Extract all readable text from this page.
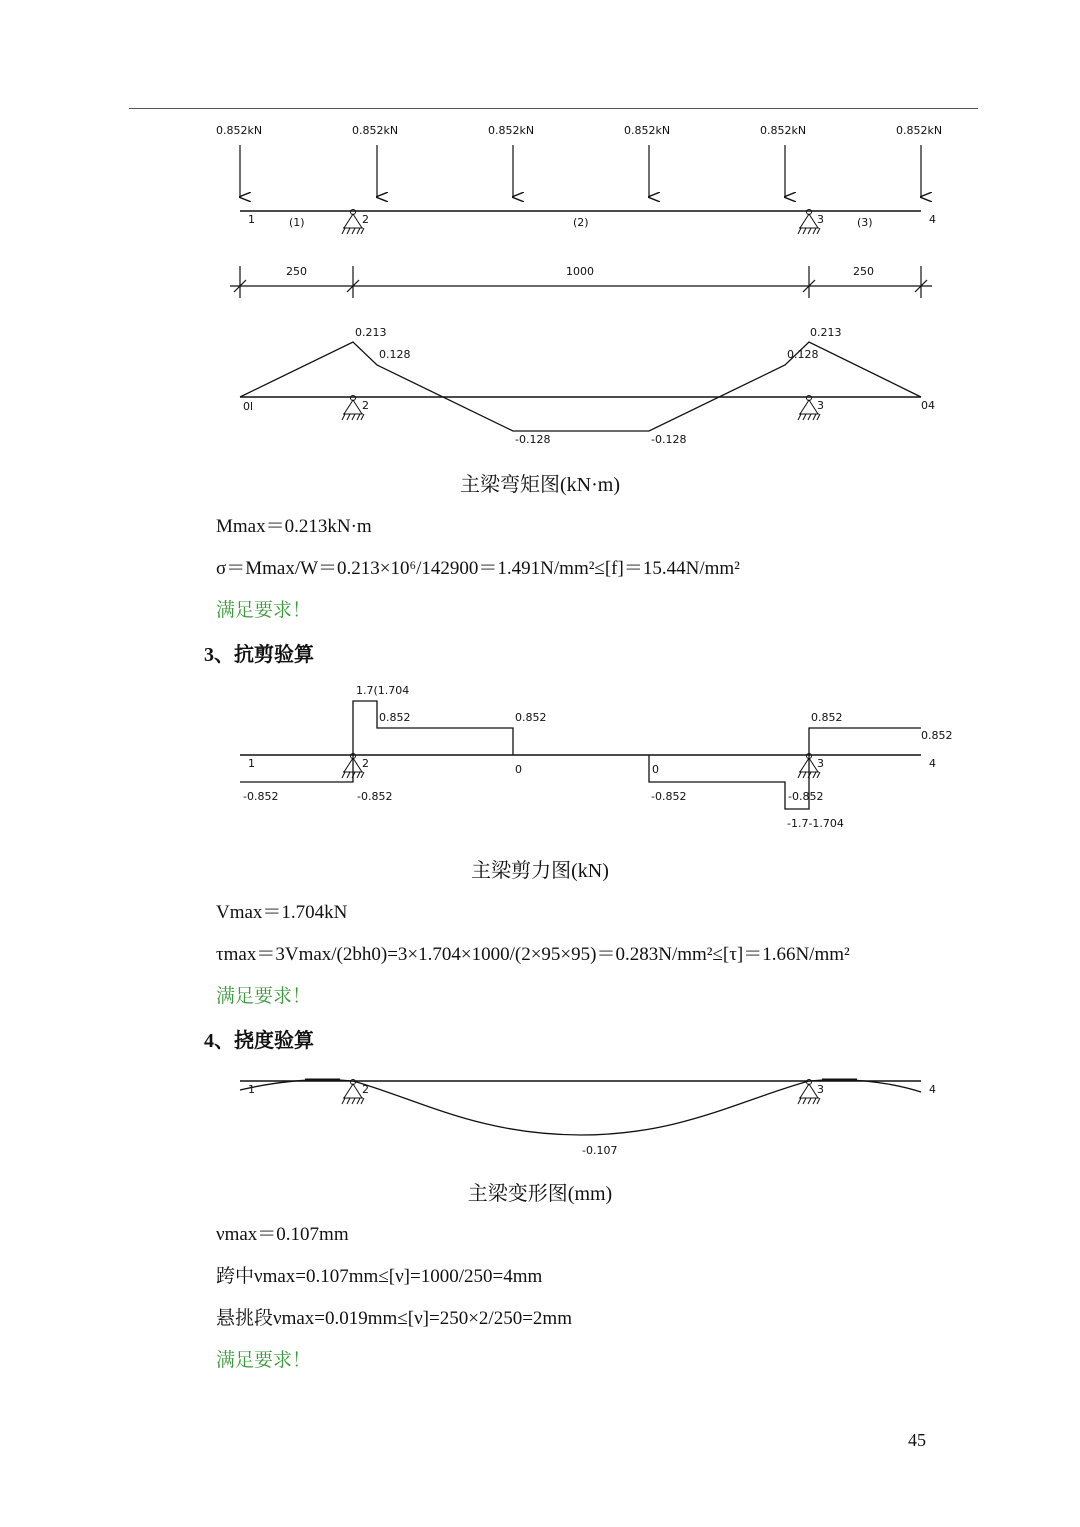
0.852kN	0.852kN	0.852kN	0.852kN	0.852kN	0.852kN
1	2	3	4
(1)	(2)	(3)
250	1000	250
0.213
0.128	0.128
0.213
0l
-0.128	-0.128
04
2	3
主梁弯矩图(kN·m)
Mmax＝0.213kN·m
σ＝Mmax/W＝0.213×10⁶/142900＝1.491N/mm²≤[f]＝15.44N/mm²
满足要求！
3、抗剪验算
1.7(1.704
0.852	0.852	0.852
0.852
0	0
-0.852	-0.852	-0.852	-0.852
-1.7-1.704
1	2	3	4
主梁剪力图(kN)
Vmax＝1.704kN
τmax＝3Vmax/(2bh0)=3×1.704×1000/(2×95×95)＝0.283N/mm²≤[τ]＝1.66N/mm²
满足要求！
4、挠度验算
-0.107
1	2	3	4
主梁变形图(mm)
νmax＝0.107mm
跨中νmax=0.107mm≤[ν]=1000/250=4mm
悬挑段νmax=0.019mm≤[ν]=250×2/250=2mm
满足要求！
45
